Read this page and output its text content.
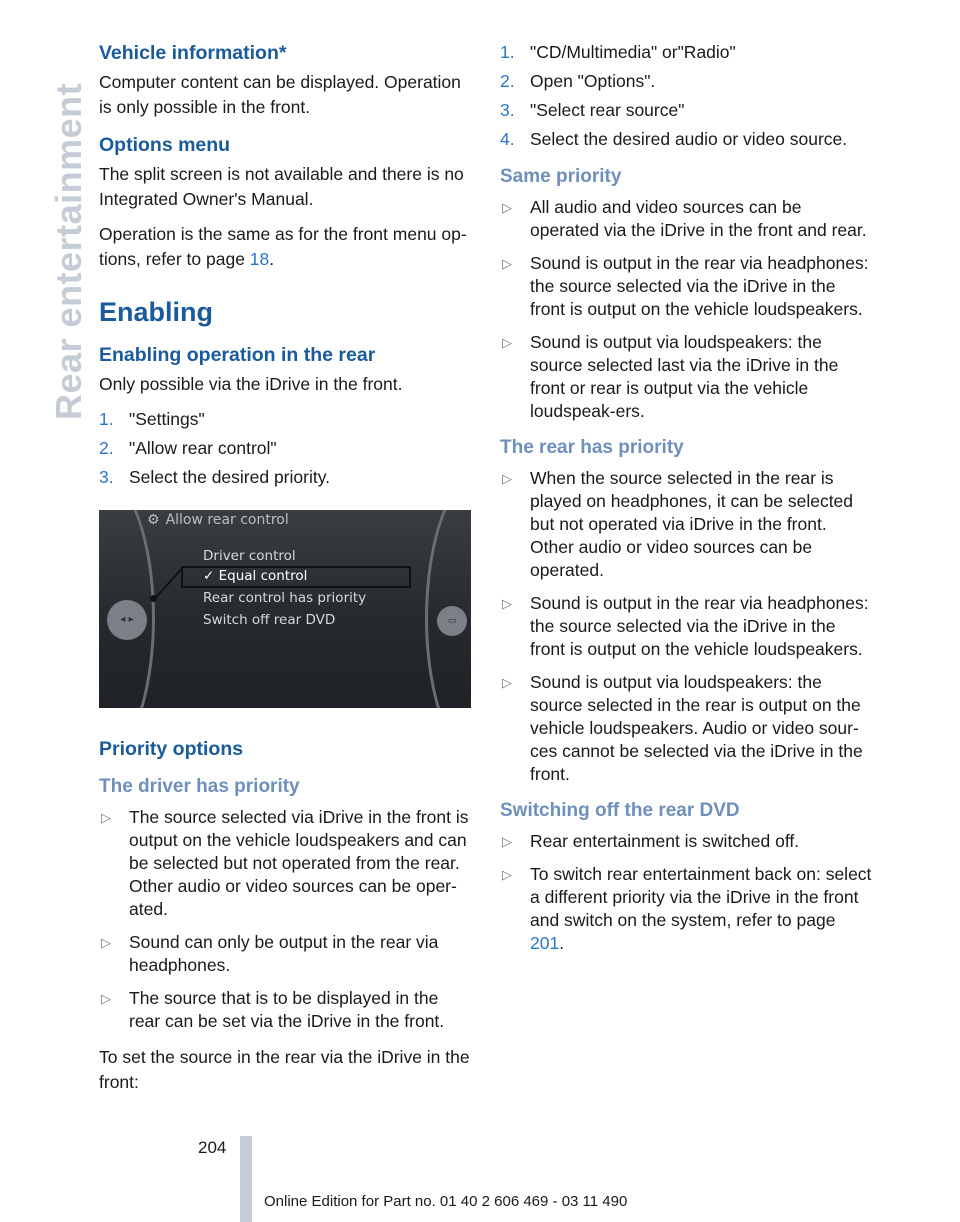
Rear entertainment
Vehicle information*

Computer content can be displayed. Operation is only possible in the front.

Options menu

The split screen is not available and there is no Integrated Owner's Manual.

Operation is the same as for the front menu op-tions, refer to page 18.

Enabling
Enabling operation in the rear

Only possible via the iDrive in the front.

1. "Settings"
2. "Allow rear control"
3. Select the desired priority.
⚙ Allow rear control
Driver control
✓ Equal control
Rear control has priority
Switch off rear DVD
◂ ▸	▭
Priority options
The driver has priority
▷ The source selected via iDrive in the front is output on the vehicle loudspeakers and can be selected but not operated from the rear. Other audio or video sources can be oper-ated.
▷ Sound can only be output in the rear via headphones.
▷ The source that is to be displayed in the rear can be set via the iDrive in the front.

To set the source in the rear via the iDrive in the front:

1. "CD/Multimedia" or"Radio"
2. Open "Options".
3. "Select rear source"
4. Select the desired audio or video source.
Same priority
▷ All audio and video sources can be operated via the iDrive in the front and rear.
▷ Sound is output in the rear via headphones: the source selected via the iDrive in the front is output on the vehicle loudspeakers.
▷ Sound is output via loudspeakers: the source selected last via the iDrive in the front or rear is output via the vehicle loudspeak-ers.
The rear has priority
▷ When the source selected in the rear is played on headphones, it can be selected but not operated via iDrive in the front. Other audio or video sources can be operated.
▷ Sound is output in the rear via headphones: the source selected via the iDrive in the front is output on the vehicle loudspeakers.
▷ Sound is output via loudspeakers: the source selected in the rear is output on the vehicle loudspeakers. Audio or video sour-ces cannot be selected via the iDrive in the front.
Switching off the rear DVD
▷ Rear entertainment is switched off.
▷ To switch rear entertainment back on: select a different priority via the iDrive in the front and switch on the system, refer to page 201.
204
Online Edition for Part no. 01 40 2 606 469 - 03 11 490
